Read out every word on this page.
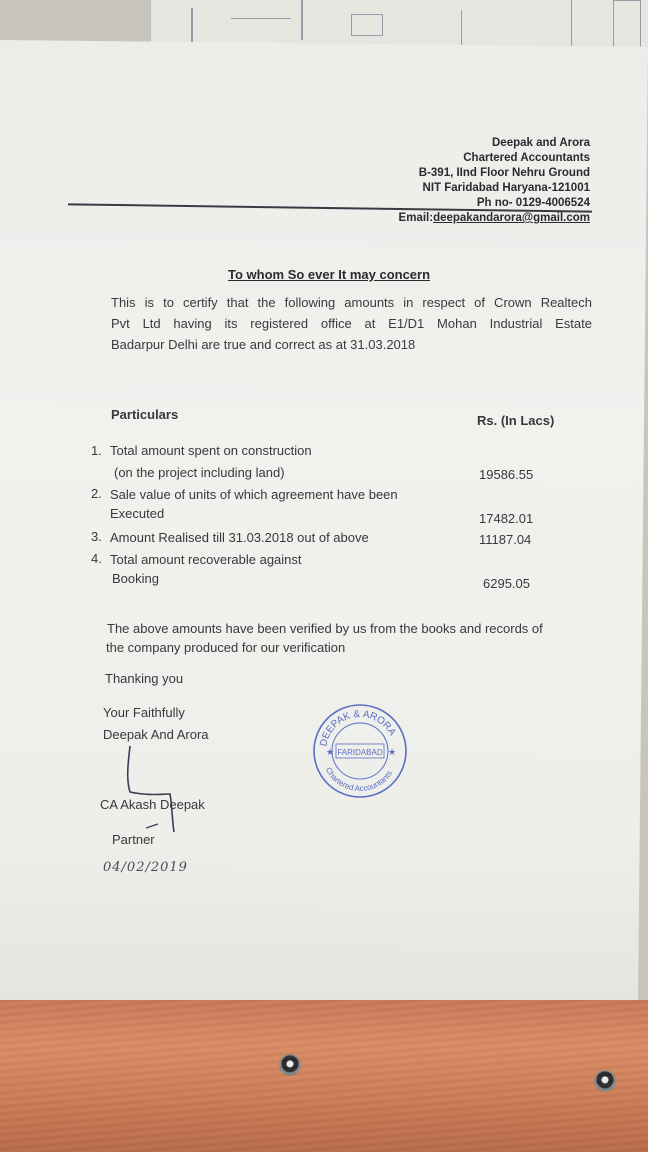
Deepak and Arora
Chartered Accountants
B-391, IInd Floor Nehru Ground
NIT Faridabad Haryana-121001
Ph no- 0129-4006524
Email:deepakandarora@gmail.com
To whom So ever It may concern
This is to certify that the following amounts in respect of Crown Realtech
Pvt Ltd having its registered office at E1/D1 Mohan Industrial Estate
Badarpur Delhi are true and correct as at 31.03.2018
Particulars	Rs. (In Lacs)
1. Total amount spent on construction
(on the project including land)	19586.55
2. Sale value of units of which agreement have been
Executed	17482.01
3. Amount Realised till 31.03.2018 out of above	11187.04
4. Total amount recoverable against
Booking	6295.05
The above amounts have been verified by us from the books and records of
the company produced for our verification
Thanking you
Your Faithfully
Deepak And Arora
CA Akash Deepak
Partner
04/02/2019
DEEPAK & ARORA
Chartered Accountants
FARIDABAD
★	★
